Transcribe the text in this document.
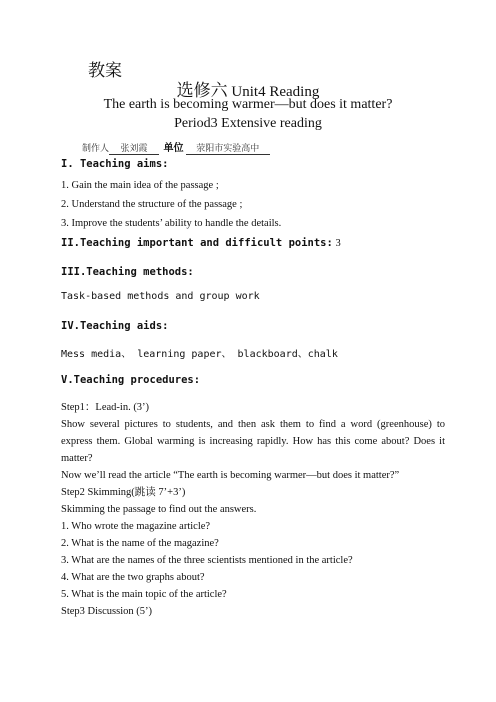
教案
选修六 Unit4 Reading
The earth is becoming warmer—but does it matter?
Period3 Extensive reading
制作人 张刘霞 单位 荥阳市实验高中
I. Teaching aims:
1. Gain the main idea of the passage ;
2. Understand the structure of the passage ;
3. Improve the students’ ability to handle the details.
II.Teaching important and difficult points: 3
III.Teaching methods:
Task-based methods and group work
IV.Teaching aids:
Mess media、 learning paper、 blackboard、chalk
V.Teaching procedures:
Step1：Lead-in. (3’)
Show several pictures to students, and then ask them to find a word (greenhouse) to express them. Global warming is increasing rapidly. How has this come about? Does it matter?
Now we’ll read the article “The earth is becoming warmer—but does it matter?”
Step2 Skimming(跳读 7’+3’)
Skimming the passage to find out the answers.
1. Who wrote the magazine article?
2. What is the name of the magazine?
3. What are the names of the three scientists mentioned in the article?
4. What are the two graphs about?
5. What is the main topic of the article?
Step3 Discussion (5’)
